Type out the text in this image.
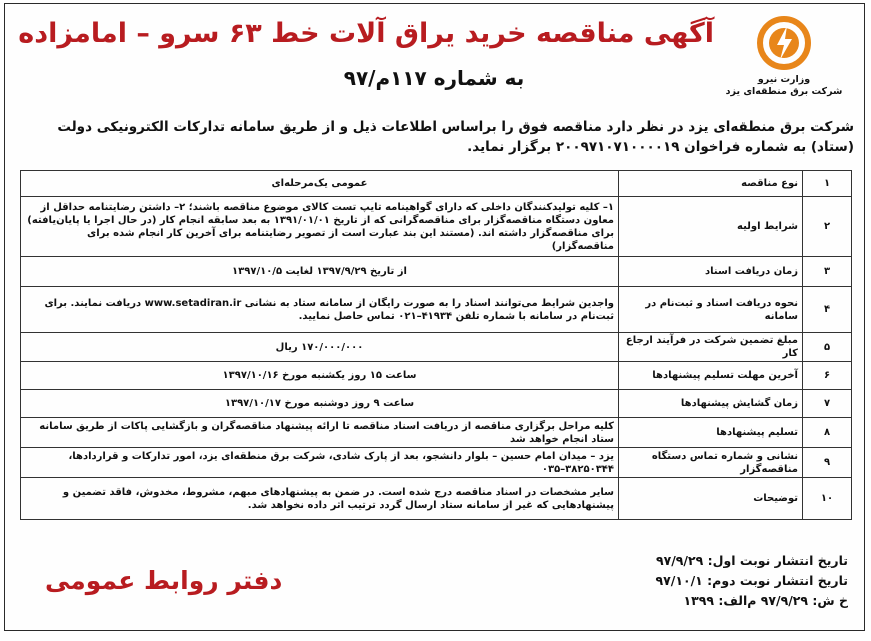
وزارت نیرو
شرکت برق منطقه‌ای یزد
آگهی مناقصه خرید یراق آلات خط ۶۳ سرو – امامزاده
به شماره ۱۱۷م/۹۷
شرکت برق منطقه‌ای یزد در نظر دارد مناقصه فوق را براساس اطلاعات ذیل و از طریق سامانه تدارکات الکترونیکی دولت (ستاد) به شماره فراخوان ۲۰۰۹۷۱۰۷۱۰۰۰۰۱۹ برگزار نماید.
۱	نوع مناقصه	عمومی یک‌مرحله‌ای
۲	شرایط اولیه	۱– کلیه تولیدکنندگان داخلی که دارای گواهینامه تایپ تست کالای موضوع مناقصه باشند؛ ۲– داشتن رضایتنامه حداقل از معاون دستگاه مناقصه‌گزار برای مناقصه‌گرانی که از تاریخ ۱۳۹۱/۰۱/۰۱ به بعد سابقه انجام کار (در حال اجرا یا پایان‌یافته) برای مناقصه‌گزار داشته اند. (مستند این بند عبارت است از تصویر رضایتنامه برای آخرین کار انجام شده برای مناقصه‌گزار)
۳	زمان دریافت اسناد	از تاریخ ۱۳۹۷/۹/۲۹ لغایت ۱۳۹۷/۱۰/۵
۴	نحوه دریافت اسناد و ثبت‌نام در سامانه	واجدین شرایط می‌توانند اسناد را به صورت رایگان از سامانه ستاد به نشانی www.setadiran.ir دریافت نمایند. برای ثبت‌نام در سامانه با شماره تلفن ۴۱۹۳۴–۰۲۱ تماس حاصل نمایید.
۵	مبلغ تضمین شرکت در فرآیند ارجاع کار	۱۷۰/۰۰۰/۰۰۰ ریال
۶	آخرین مهلت تسلیم پیشنهادها	ساعت ۱۵ روز یکشنبه مورخ ۱۳۹۷/۱۰/۱۶
۷	زمان گشایش پیشنهادها	ساعت ۹ روز دوشنبه مورخ ۱۳۹۷/۱۰/۱۷
۸	تسلیم پیشنهادها	کلیه مراحل برگزاری مناقصه از دریافت اسناد مناقصه تا ارائه پیشنهاد مناقصه‌گران و بازگشایی پاکات از طریق سامانه ستاد انجام خواهد شد
۹	نشانی و شماره تماس دستگاه مناقصه‌گزار	یزد – میدان امام حسین – بلوار دانشجو، بعد از پارک شادی، شرکت برق منطقه‌ای یزد، امور تدارکات و قراردادها، ۳۸۲۵۰۳۴۴–۰۳۵
۱۰	توضیحات	سایر مشخصات در اسناد مناقصه درج شده است. در ضمن به پیشنهادهای مبهم، مشروط، مخدوش، فاقد تضمین و پیشنهادهایی که غیر از سامانه ستاد ارسال گردد ترتیب اثر داده نخواهد شد.
تاریخ انتشار نوبت اول: ۹۷/۹/۲۹
تاریخ انتشار نوبت دوم: ۹۷/۱۰/۱
خ ش: ۹۷/۹/۲۹ م‌الف: ۱۳۹۹
دفتر روابط عمومی
